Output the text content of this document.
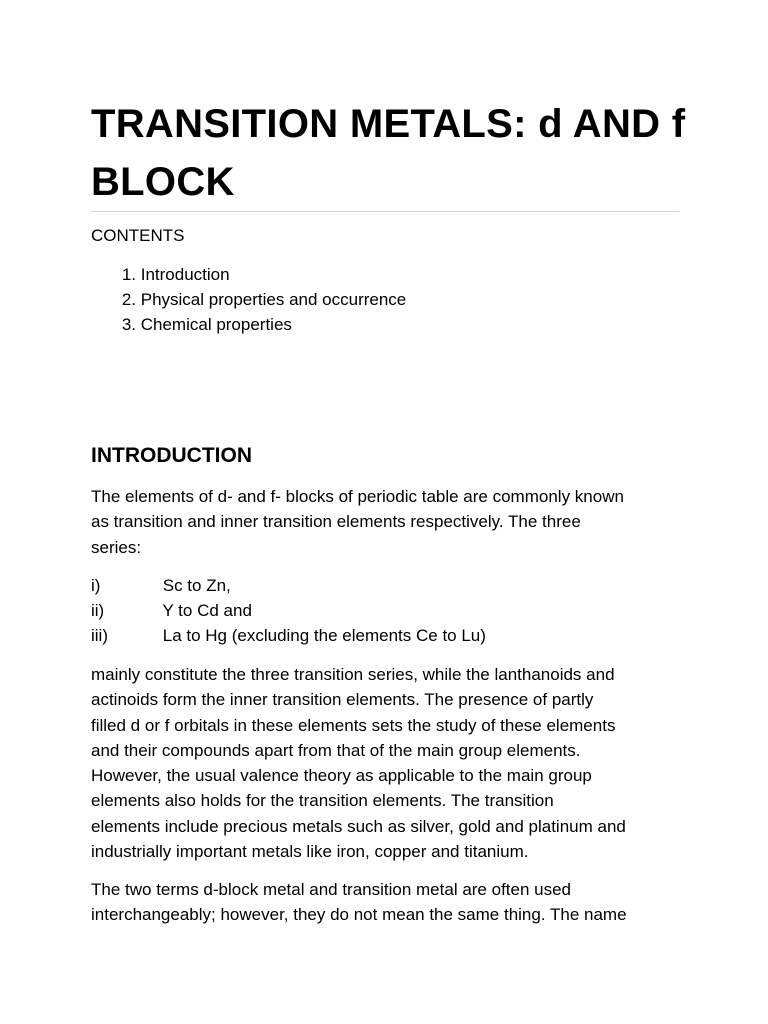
TRANSITION METALS: d AND f
BLOCK
CONTENTS
1. Introduction
2. Physical properties and occurrence
3. Chemical properties
INTRODUCTION

The elements of d- and f- blocks of periodic table are commonly known
as transition and inner transition elements respectively. The three
series:

i)	Sc to Zn,
ii)	Y to Cd and
iii)	La to Hg (excluding the elements Ce to Lu)

mainly constitute the three transition series, while the lanthanoids and
actinoids form the inner transition elements. The presence of partly
filled d or f orbitals in these elements sets the study of these elements
and their compounds apart from that of the main group elements.
However, the usual valence theory as applicable to the main group
elements also holds for the transition elements. The transition
elements include precious metals such as silver, gold and platinum and
industrially important metals like iron, copper and titanium.

The two terms d-block metal and transition metal are often used
interchangeably; however, they do not mean the same thing. The name
